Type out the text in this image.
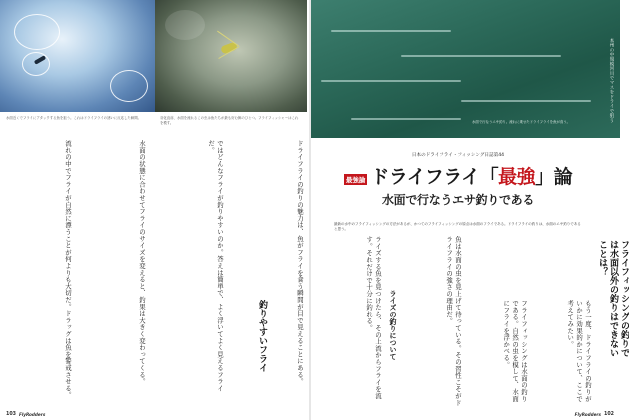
水面近くでフライにアタックする魚を狙う。これはドライフライの誘いに反応した瞬間。	羽化直前、水面を流れるこの虫は魚たちが最も好む餌のひとつ。フライフィッシャーはこれを模す。	水面で行なうエサ釣り。流れに乗せたドライフライを魚が食う。	本州の中規模河川でマスをドライで狙う
日本のドライフライ・フィッシング日誌第44
最強論 ドライフライ「最強」論
水面で行なうエサ釣りである
最新の水中のフライフィッシングの方法があるが、かつてのフライフィッシングの原点は水面のフライである。ドライフライの釣りは、水面のエサ釣りであると思う。
フライフィッシングの釣りでは水面以外の釣りはできないことは？
もう一度、ドライフライの釣りがいかに効果的かについて、ここで考えてみたい。
フライフィッシングは水面の釣りである。自然の虫を模して、水面にフライを浮かべる。
魚は水面の虫を見上げて待っている。その習性こそがドライフライの強さの理由だ。
ライズの釣りについて
ライズする魚を見つけたら、その上流からフライを流す。それだけで十分に釣れる。
ドライフライの釣りの魅力は、魚がフライを食う瞬間が目で見えることにある。
ではどんなフライが釣りやすいのか。答えは簡単で、よく浮いてよく見えるフライだ。
釣りやすいフライ
水面の状態に合わせてフライのサイズを変えると、釣果は大きく変わってくる。
流れの中でフライが自然に漂うことが何よりも大切だ。ドラッグは魚を警戒させる。
103 FlyRodders	FlyRodders 102
